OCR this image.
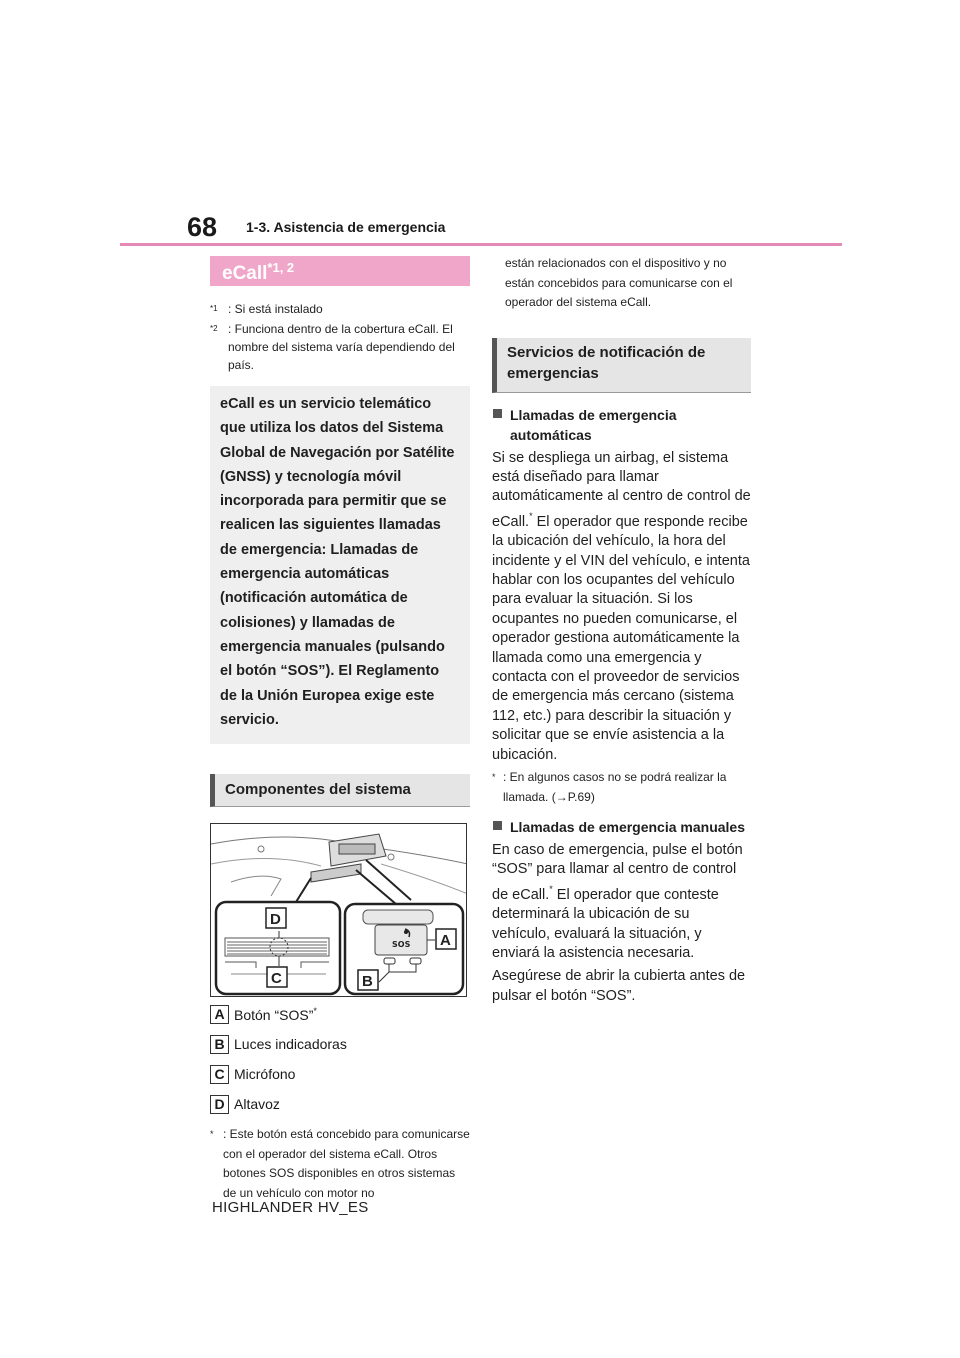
68 1-3. Asistencia de emergencia
eCall$^{*1, 2}$
$^{*1}$ : Si está instalado
$^{*2}$ : Funciona dentro de la cobertura eCall. El nombre del sistema varía dependiendo del país.
eCall es un servicio telemático que utiliza los datos del Sistema Global de Navegación por Satélite (GNSS) y tecnología móvil incorporada para permitir que se realicen las siguientes llamadas de emergencia: Llamadas de emergencia automáticas (notificación automática de colisiones) y llamadas de emergencia manuales (pulsando el botón “SOS”). El Reglamento de la Unión Europea exige este servicio.
Componentes del sistema
SOS
D
C
A
B
A Botón “SOS”*
B Luces indicadoras
C Micrófono
D Altavoz
* : Este botón está concebido para comunicarse con el operador del sistema eCall. Otros botones SOS disponibles en otros sistemas de un vehículo con motor no
están relacionados con el dispositivo y no están concebidos para comunicarse con el operador del sistema eCall.
Servicios de notificación de emergencias
Llamadas de emergencia automáticas
Si se despliega un airbag, el sistema está diseñado para llamar automáticamente al centro de control de eCall.* El operador que responde recibe la ubicación del vehículo, la hora del incidente y el VIN del vehículo, e intenta hablar con los ocupantes del vehículo para evaluar la situación. Si los ocupantes no pueden comunicarse, el operador gestiona automáticamente la llamada como una emergencia y contacta con el proveedor de servicios de emergencia más cercano (sistema 112, etc.) para describir la situación y solicitar que se envíe asistencia a la ubicación.
* : En algunos casos no se podrá realizar la llamada. (→P.69)
Llamadas de emergencia manuales
En caso de emergencia, pulse el botón “SOS” para llamar al centro de control de eCall.* El operador que conteste determinará la ubicación de su vehículo, evaluará la situación, y enviará la asistencia necesaria.
Asegúrese de abrir la cubierta antes de pulsar el botón “SOS”.
HIGHLANDER HV_ES
